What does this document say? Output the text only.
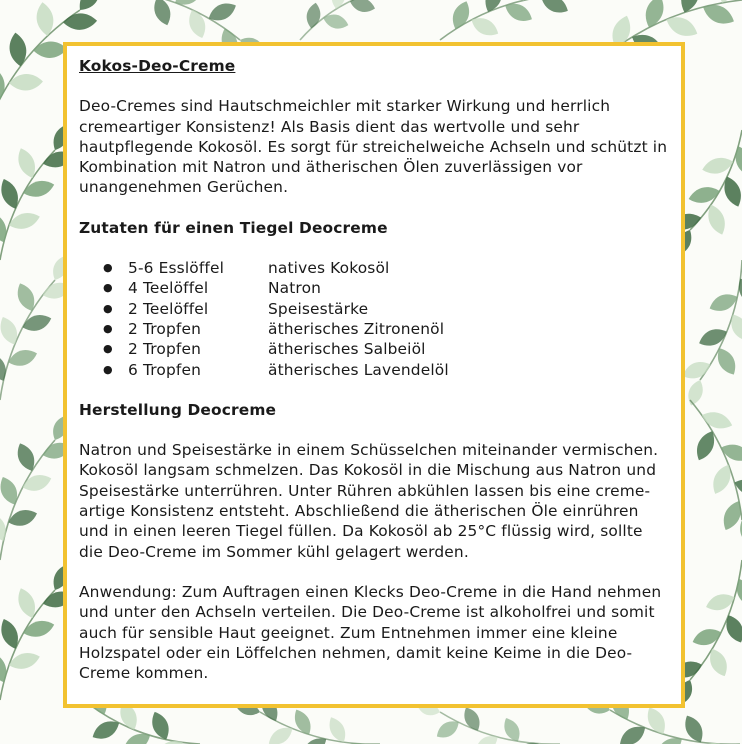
Kokos-Deo-Creme
Deo-Cremes sind Hautschmeichler mit starker Wirkung und herrlich cremeartiger Konsistenz! Als Basis dient das wertvolle und sehr hautpflegende Kokosöl. Es sorgt für streichelweiche Achseln und schützt in Kombination mit Natron und ätherischen Ölen zuverlässigen vor unangenehmen Gerüchen.
Zutaten für einen Tiegel Deocreme
● 5-6 Esslöffel	natives Kokosöl
● 4 Teelöffel	Natron
● 2 Teelöffel	Speisestärke
● 2 Tropfen	ätherisches Zitronenöl
● 2 Tropfen	ätherisches Salbeiöl
● 6 Tropfen	ätherisches Lavendelöl
Herstellung Deocreme
Natron und Speisestärke in einem Schüsselchen miteinander vermischen. Kokosöl langsam schmelzen. Das Kokosöl in die Mischung aus Natron und Speisestärke unterrühren. Unter Rühren abkühlen lassen bis eine creme-artige Konsistenz entsteht. Abschließend die ätherischen Öle einrühren und in einen leeren Tiegel füllen. Da Kokosöl ab 25°C flüssig wird, sollte die Deo-Creme im Sommer kühl gelagert werden.
Anwendung: Zum Auftragen einen Klecks Deo-Creme in die Hand nehmen und unter den Achseln verteilen. Die Deo-Creme ist alkoholfrei und somit auch für sensible Haut geeignet. Zum Entnehmen immer eine kleine Holzspatel oder ein Löffelchen nehmen, damit keine Keime in die Deo-Creme kommen.
